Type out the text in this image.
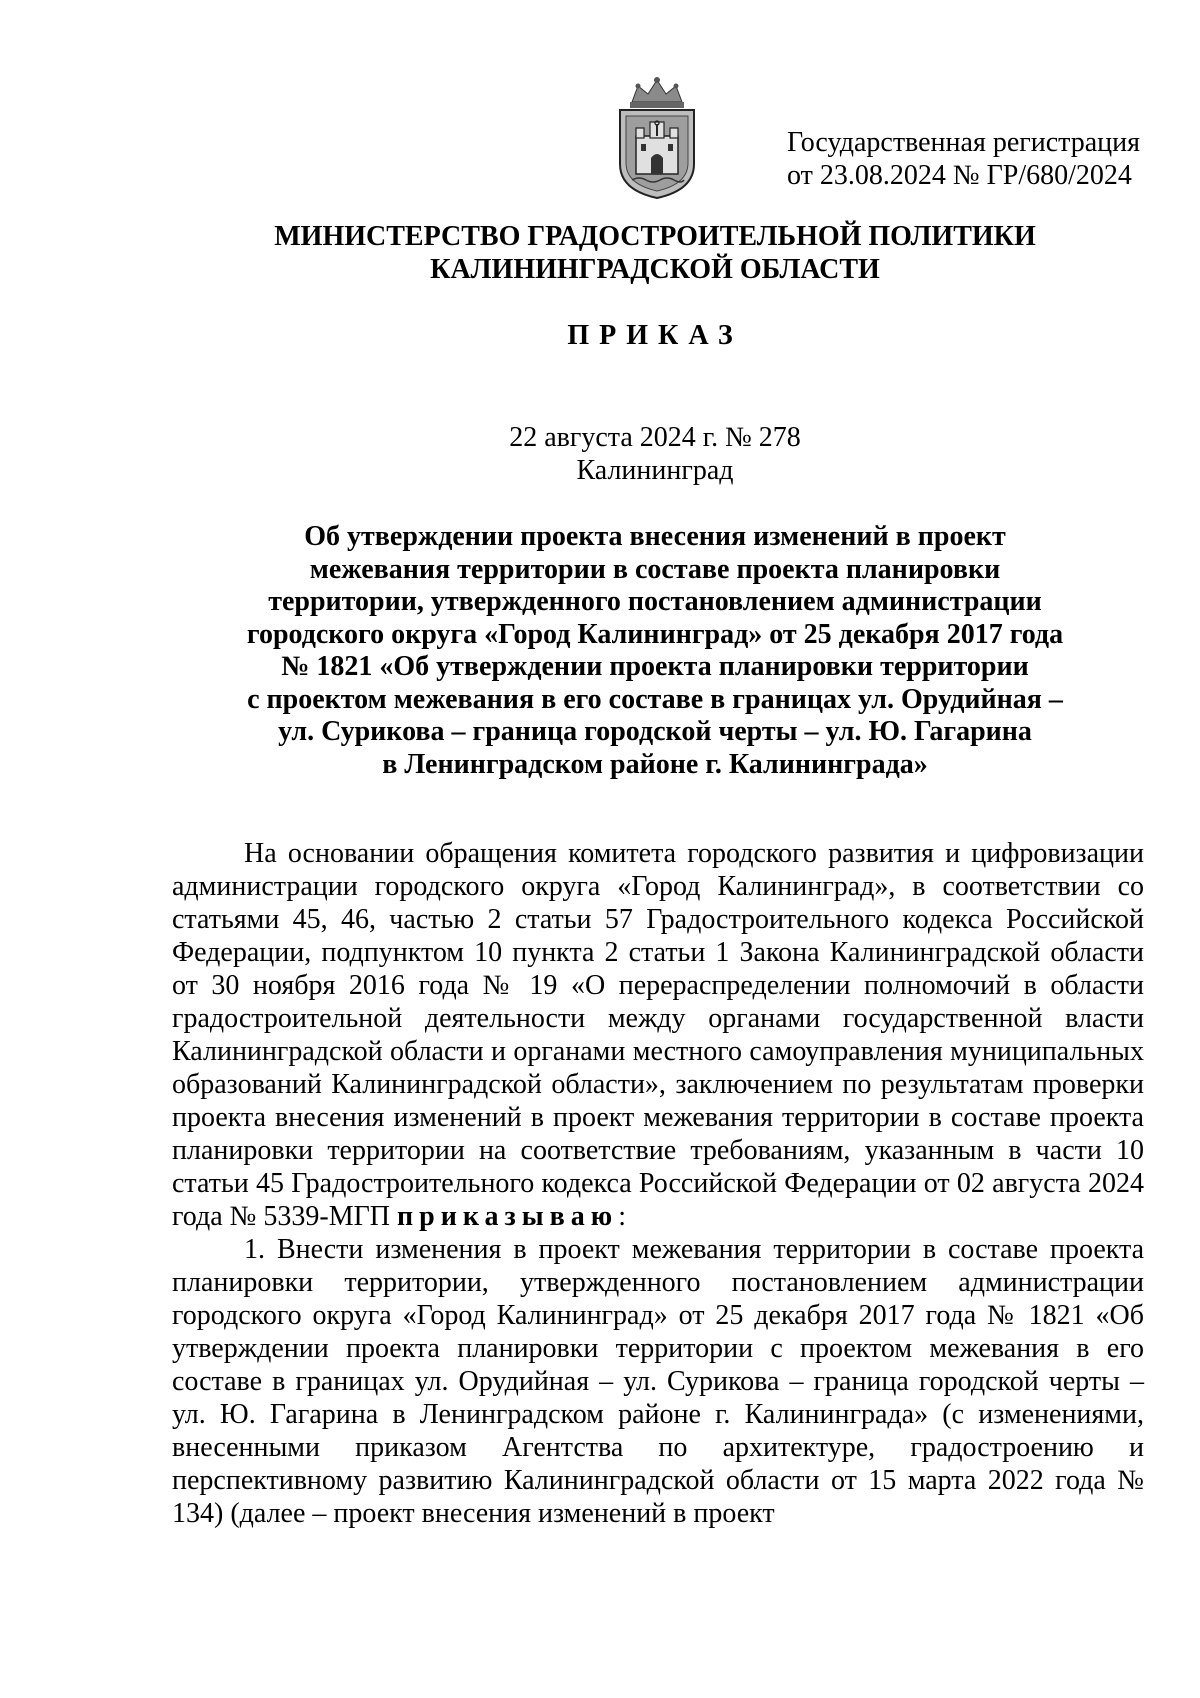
Государственная регистрация
от 23.08.2024 № ГР/680/2024
МИНИСТЕРСТВО ГРАДОСТРОИТЕЛЬНОЙ ПОЛИТИКИ
КАЛИНИНГРАДСКОЙ ОБЛАСТИ
ПРИКАЗ
22 августа 2024 г. № 278
Калининград
Об утверждении проекта внесения изменений в проект
межевания территории в составе проекта планировки
территории, утвержденного постановлением администрации
городского округа «Город Калининград» от 25 декабря 2017 года
№ 1821 «Об утверждении проекта планировки территории
с проектом межевания в его составе в границах ул. Орудийная –
ул. Сурикова – граница городской черты – ул. Ю. Гагарина
в Ленинградском районе г. Калининграда»

На основании обращения комитета городского развития и цифровизации администрации городского округа «Город Калининград», в соответствии со статьями 45, 46, частью 2 статьи 57 Градостроительного кодекса Российской Федерации, подпунктом 10 пункта 2 статьи 1 Закона Калининградской области от 30 ноября 2016 года № 19 «О перераспределении полномочий в области градостроительной деятельности между органами государственной власти Калининградской области и органами местного самоуправления муниципальных образований Калининградской области», заключением по результатам проверки проекта внесения изменений в проект межевания территории в составе проекта планировки территории на соответствие требованиям, указанным в части 10 статьи 45 Градостроительного кодекса Российской Федерации от 02 августа 2024 года № 5339-МГП приказываю:

1. Внести изменения в проект межевания территории в составе проекта планировки территории, утвержденного постановлением администрации городского округа «Город Калининград» от 25 декабря 2017 года № 1821 «Об утверждении проекта планировки территории с проектом межевания в его составе в границах ул. Орудийная – ул. Сурикова – граница городской черты – ул. Ю. Гагарина в Ленинградском районе г. Калининграда» (с изменениями, внесенными приказом Агентства по архитектуре, градостроению и перспективному развитию Калининградской области от 15 марта 2022 года № 134) (далее – проект внесения изменений в проект
